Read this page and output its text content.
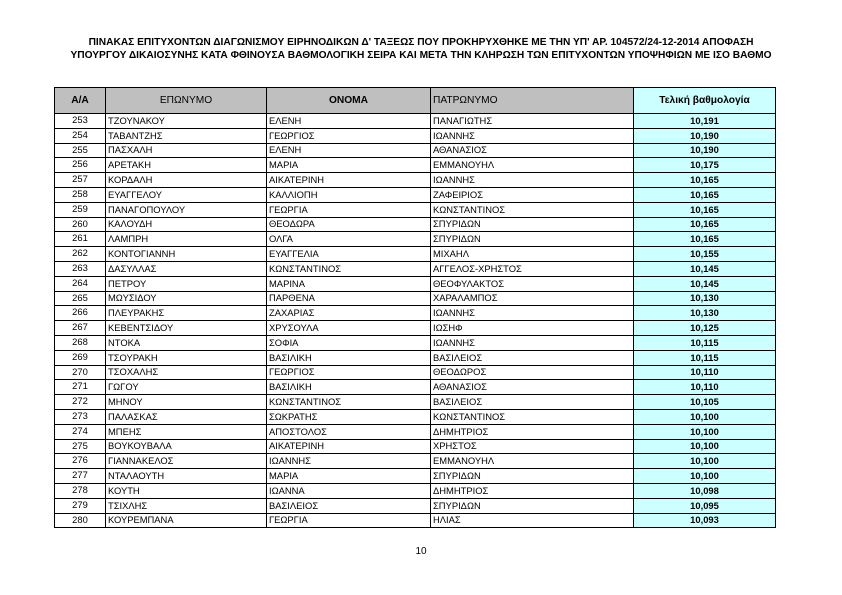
ΠΙΝΑΚΑΣ ΕΠΙΤΥΧΟΝΤΩΝ ΔΙΑΓΩΝΙΣΜΟΥ ΕΙΡΗΝΟΔΙΚΩΝ Δ' ΤΑΞΕΩΣ ΠΟΥ ΠΡΟΚΗΡΥΧΘΗΚΕ ΜΕ ΤΗΝ ΥΠ' ΑΡ. 104572/24-12-2014 ΑΠΟΦΑΣΗ
ΥΠΟΥΡΓΟΥ ΔΙΚΑΙΟΣΥΝΗΣ ΚΑΤΑ ΦΘΙΝΟΥΣΑ ΒΑΘΜΟΛΟΓΙΚΗ ΣΕΙΡΑ ΚΑΙ ΜΕΤΑ ΤΗΝ ΚΛΗΡΩΣΗ ΤΩΝ ΕΠΙΤΥΧΟΝΤΩΝ ΥΠΟΨΗΦΙΩΝ ΜΕ ΙΣΟ ΒΑΘΜΟ
Α/Α	ΕΠΩΝΥΜΟ	ΟΝΟΜΑ	ΠΑΤΡΩΝΥΜΟ	Τελική βαθμολογία
253	ΤΖΟΥΝΑΚΟΥ	ΕΛΕΝΗ	ΠΑΝΑΓΙΩΤΗΣ	10,191
254	ΤΑΒΑΝΤΖΗΣ	ΓΕΩΡΓΙΟΣ	ΙΩΑΝΝΗΣ	10,190
255	ΠΑΣΧΑΛΗ	ΕΛΕΝΗ	ΑΘΑΝΑΣΙΟΣ	10,190
256	ΑΡΕΤΑΚΗ	ΜΑΡΙΑ	ΕΜΜΑΝΟΥΗΛ	10,175
257	ΚΟΡΔΑΛΗ	ΑΙΚΑΤΕΡΙΝΗ	ΙΩΑΝΝΗΣ	10,165
258	ΕΥΑΓΓΕΛΟΥ	ΚΑΛΛΙΟΠΗ	ΖΑΦΕΙΡΙΟΣ	10,165
259	ΠΑΝΑΓΟΠΟΥΛΟΥ	ΓΕΩΡΓΙΑ	ΚΩΝΣΤΑΝΤΙΝΟΣ	10,165
260	ΚΑΛΟΥΔΗ	ΘΕΟΔΩΡΑ	ΣΠΥΡΙΔΩΝ	10,165
261	ΛΑΜΠΡΗ	ΟΛΓΑ	ΣΠΥΡΙΔΩΝ	10,165
262	ΚΟΝΤΟΓΙΑΝΝΗ	ΕΥΑΓΓΕΛΙΑ	ΜΙΧΑΗΛ	10,155
263	ΔΑΣΥΛΛΑΣ	ΚΩΝΣΤΑΝΤΙΝΟΣ	ΑΓΓΕΛΟΣ-ΧΡΗΣΤΟΣ	10,145
264	ΠΕΤΡΟΥ	ΜΑΡΙΝΑ	ΘΕΟΦΥΛΑΚΤΟΣ	10,145
265	ΜΩΥΣΙΔΟΥ	ΠΑΡΘΕΝΑ	ΧΑΡΑΛΑΜΠΟΣ	10,130
266	ΠΛΕΥΡΑΚΗΣ	ΖΑΧΑΡΙΑΣ	ΙΩΑΝΝΗΣ	10,130
267	ΚΕΒΕΝΤΣΙΔΟΥ	ΧΡΥΣΟΥΛΑ	ΙΩΣΗΦ	10,125
268	ΝΤΟΚΑ	ΣΟΦΙΑ	ΙΩΑΝΝΗΣ	10,115
269	ΤΣΟΥΡΑΚΗ	ΒΑΣΙΛΙΚΗ	ΒΑΣΙΛΕΙΟΣ	10,115
270	ΤΣΟΧΑΛΗΣ	ΓΕΩΡΓΙΟΣ	ΘΕΟΔΩΡΟΣ	10,110
271	ΓΩΓΟΥ	ΒΑΣΙΛΙΚΗ	ΑΘΑΝΑΣΙΟΣ	10,110
272	ΜΗΝΟΥ	ΚΩΝΣΤΑΝΤΙΝΟΣ	ΒΑΣΙΛΕΙΟΣ	10,105
273	ΠΑΛΑΣΚΑΣ	ΣΩΚΡΑΤΗΣ	ΚΩΝΣΤΑΝΤΙΝΟΣ	10,100
274	ΜΠΕΗΣ	ΑΠΟΣΤΟΛΟΣ	ΔΗΜΗΤΡΙΟΣ	10,100
275	ΒΟΥΚΟΥΒΑΛΑ	ΑΙΚΑΤΕΡΙΝΗ	ΧΡΗΣΤΟΣ	10,100
276	ΓΙΑΝΝΑΚΕΛΟΣ	ΙΩΑΝΝΗΣ	ΕΜΜΑΝΟΥΗΛ	10,100
277	ΝΤΑΛΑΟΥΤΗ	ΜΑΡΙΑ	ΣΠΥΡΙΔΩΝ	10,100
278	ΚΟΥΤΗ	ΙΩΑΝΝΑ	ΔΗΜΗΤΡΙΟΣ	10,098
279	ΤΣΙΧΛΗΣ	ΒΑΣΙΛΕΙΟΣ	ΣΠΥΡΙΔΩΝ	10,095
280	ΚΟΥΡΕΜΠΑΝΑ	ΓΕΩΡΓΙΑ	ΗΛΙΑΣ	10,093
10
